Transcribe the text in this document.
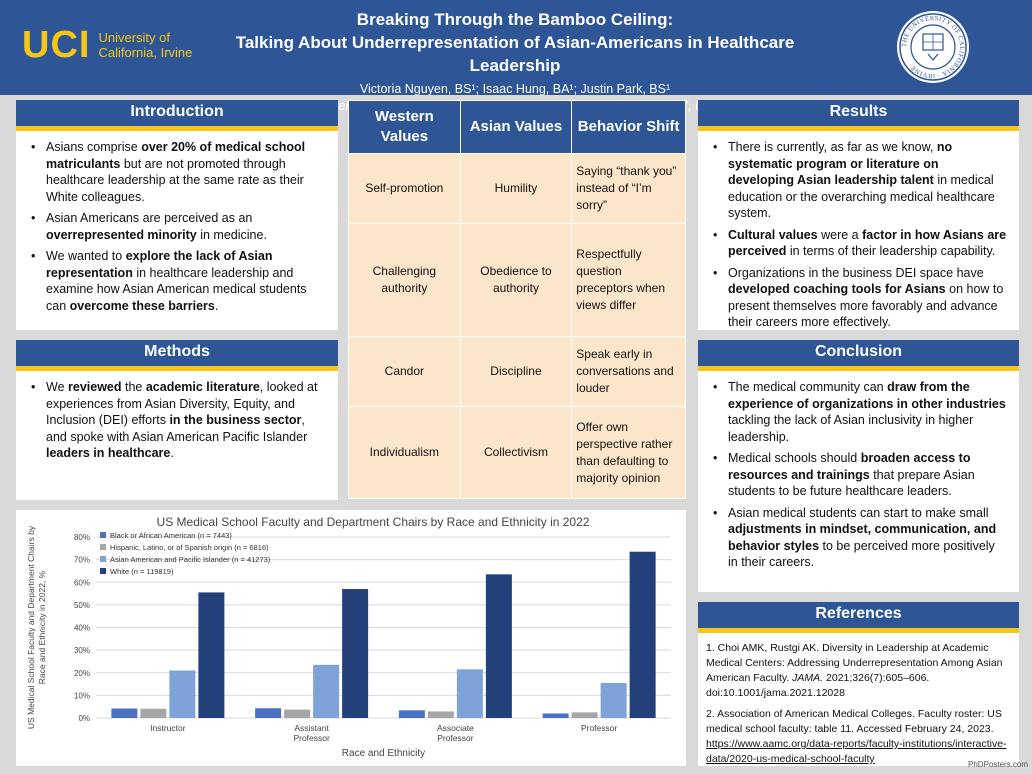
UCI University of
California, Irvine
Breaking Through the Bamboo Ceiling:
Talking About Underrepresentation of Asian-Americans in Healthcare Leadership
Victoria Nguyen, BS¹; Isaac Hung, BA¹; Justin Park, BS¹
¹University
THE UNIVERSITY OF CALIFORNIA · IRVINE
Introduction
• Asians comprise over 20% of medical school matriculants but are not promoted through healthcare leadership at the same rate as their White colleagues.
• Asian Americans are perceived as an overrepresented minority in medicine.
• We wanted to explore the lack of Asian representation in healthcare leadership and examine how Asian American medical students can overcome these barriers.
Methods
• We reviewed the academic literature, looked at experiences from Asian Diversity, Equity, and Inclusion (DEI) efforts in the business sector, and spoke with Asian American Pacific Islander leaders in healthcare.
Western Values	Asian Values	Behavior Shift
Self-promotion	Humility	Saying “thank you” instead of “I’m sorry”
Challenging authority	Obedience to authority	Respectfully question preceptors when views differ
Candor	Discipline	Speak early in conversations and louder
Individualism	Collectivism	Offer own perspective rather than defaulting to majority opinion
Results
• There is currently, as far as we know, no systematic program or literature on developing Asian leadership talent in medical education or the overarching medical healthcare system.
• Cultural values were a factor in how Asians are perceived in terms of their leadership capability.
• Organizations in the business DEI space have developed coaching tools for Asians on how to present themselves more favorably and advance their careers more effectively.
Conclusion
• The medical community can draw from the experience of organizations in other industries tackling the lack of Asian inclusivity in higher leadership.
• Medical schools should broaden access to resources and trainings that prepare Asian students to be future healthcare leaders.
• Asian medical students can start to make small adjustments in mindset, communication, and behavior styles to be perceived more positively in their careers.
References

1. Choi AMK, Rustgi AK. Diversity in Leadership at Academic Medical Centers: Addressing Underrepresentation Among Asian American Faculty. JAMA. 2021;326(7):605–606. doi:10.1001/jama.2021.12028

2. Association of American Medical Colleges. Faculty roster: US medical school faculty: table 11. Accessed February 24, 2023. https://www.aamc.org/data-reports/faculty-institutions/interactive-data/2020-us-medical-school-faculty

US Medical School Faculty and Department Chairs by Race and Ethnicity in 2022
0%
10%
20%
30%
40%
50%
60%
70%
80%
US Medical School Faculty and Department Chairs byRace and Ethnicity in 2022, %
Instructor	Assistant Professor
Associate Professor
Professor
Race and Ethnicity
Black or African American (n = 7443)
Hispanic, Latino, or of Spanish origin (n = 6816)
Asian American and Pacific Islander (n = 41273)
White (n = 119819)
PhDPosters.com
